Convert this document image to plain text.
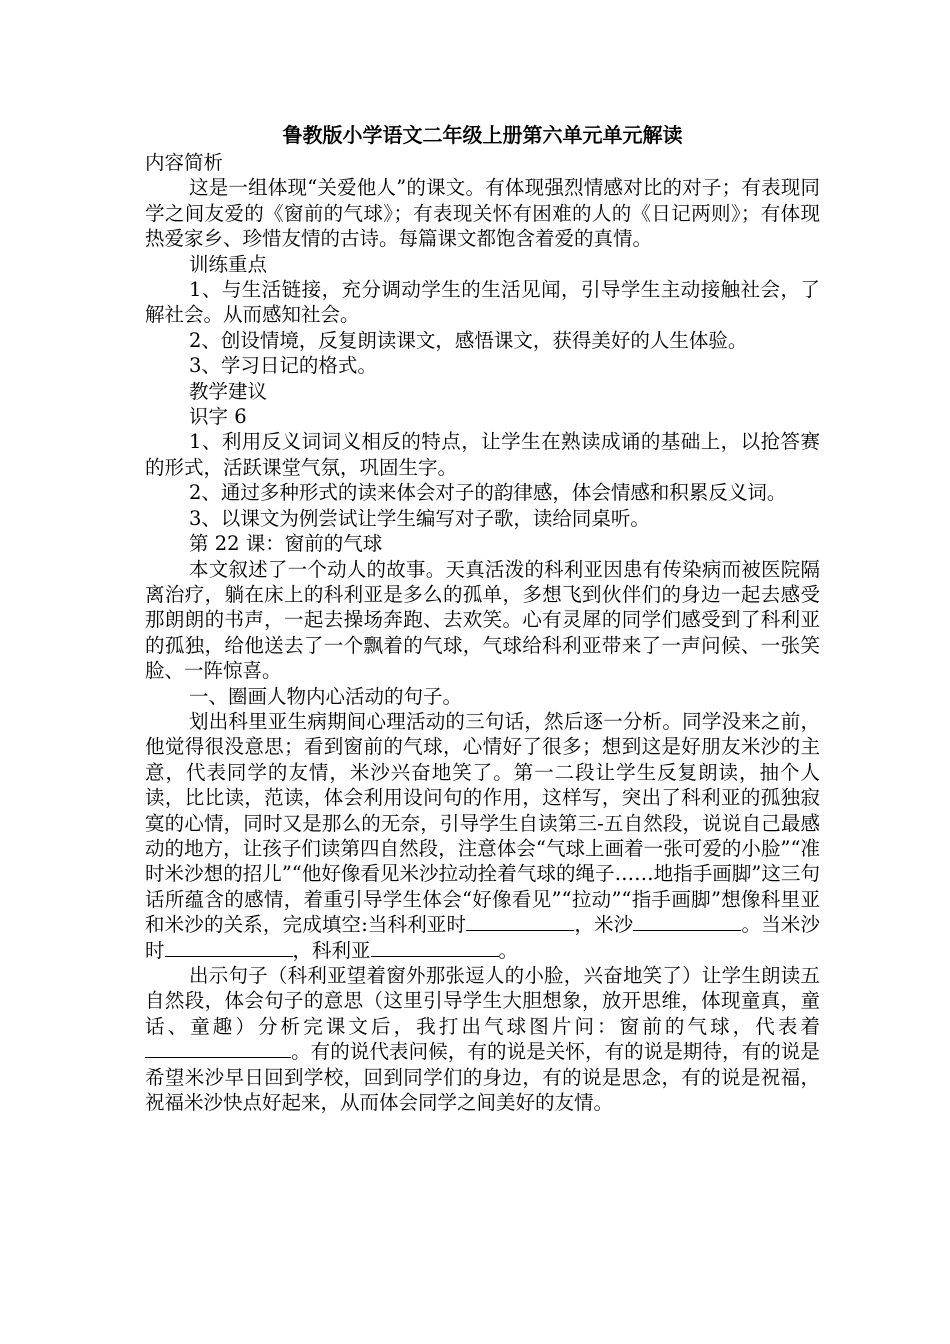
鲁教版小学语文二年级上册第六单元单元解读

内容简析

这是一组体现“关爱他人”的课文。有体现强烈情感对比的对子；有表现同学之间友爱的《窗前的气球》；有表现关怀有困难的人的《日记两则》；有体现热爱家乡、珍惜友情的古诗。每篇课文都饱含着爱的真情。

训练重点

1、与生活链接，充分调动学生的生活见闻，引导学生主动接触社会，了解社会。从而感知社会。

2、创设情境，反复朗读课文，感悟课文，获得美好的人生体验。

3、学习日记的格式。

教学建议

识字 6

1、利用反义词词义相反的特点，让学生在熟读成诵的基础上，以抢答赛的形式，活跃课堂气氛，巩固生字。

2、通过多种形式的读来体会对子的韵律感，体会情感和积累反义词。

3、以课文为例尝试让学生编写对子歌，读给同桌听。

第 22 课：窗前的气球

本文叙述了一个动人的故事。天真活泼的科利亚因患有传染病而被医院隔离治疗，躺在床上的科利亚是多么的孤单，多想飞到伙伴们的身边一起去感受那朗朗的书声，一起去操场奔跑、去欢笑。心有灵犀的同学们感受到了科利亚的孤独，给他送去了一个飘着的气球，气球给科利亚带来了一声问候、一张笑脸、一阵惊喜。

一、圈画人物内心活动的句子。

划出科里亚生病期间心理活动的三句话，然后逐一分析。同学没来之前，他觉得很没意思；看到窗前的气球，心情好了很多；想到这是好朋友米沙的主意，代表同学的友情，米沙兴奋地笑了。第一二段让学生反复朗读，抽个人读，比比读，范读，体会利用设问句的作用，这样写，突出了科利亚的孤独寂寞的心情，同时又是那么的无奈，引导学生自读第三-五自然段，说说自己最感动的地方，让孩子们读第四自然段，注意体会“气球上画着一张可爱的小脸”“准时米沙想的招儿”“他好像看见米沙拉动拴着气球的绳子……地指手画脚”这三句话所蕴含的感情，着重引导学生体会“好像看见”“拉动”“指手画脚”想像科里亚和米沙的关系，完成填空:当科利亚时	，米沙	。当米沙时	，科利亚	。

出示句子（科利亚望着窗外那张逗人的小脸，兴奋地笑了）让学生朗读五自然段，体会句子的意思（这里引导学生大胆想象，放开思维，体现童真，童话、童趣）分析完课文后，我打出气球图片问：窗前的气球，代表着。有的说代表问候，有的说是关怀，有的说是期待，有的说是希望米沙早日回到学校，回到同学们的身边，有的说是思念，有的说是祝福，祝福米沙快点好起来，从而体会同学之间美好的友情。
